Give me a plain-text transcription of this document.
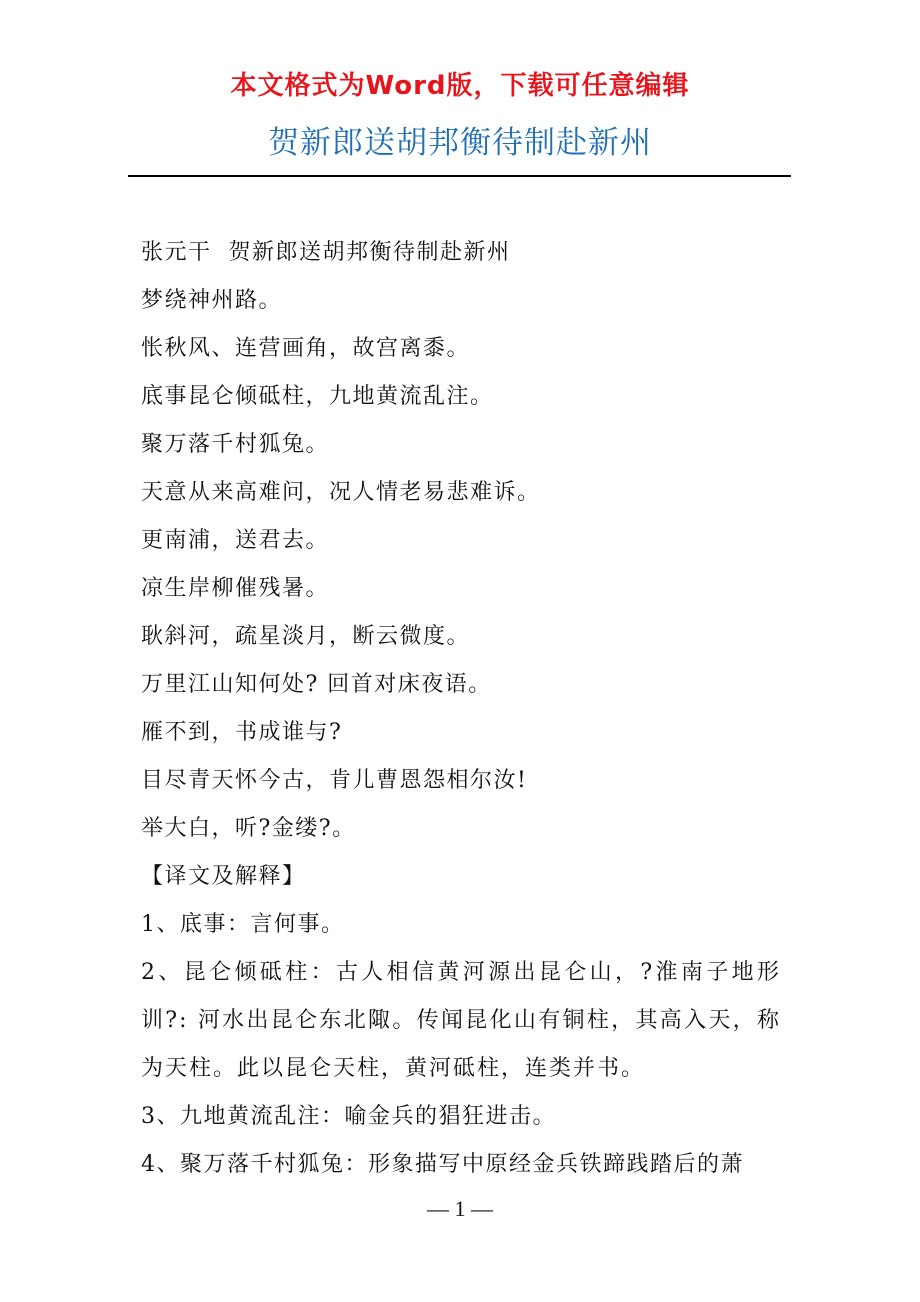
本文格式为Word版，下载可任意编辑
贺新郎送胡邦衡待制赴新州
张元干  贺新郎送胡邦衡待制赴新州
梦绕神州路。
怅秋风、连营画角，故宫离黍。
底事昆仑倾砥柱，九地黄流乱注。
聚万落千村狐兔。
天意从来高难问，况人情老易悲难诉。
更南浦，送君去。
凉生岸柳催残暑。
耿斜河，疏星淡月，断云微度。
万里江山知何处? 回首对床夜语。
雁不到，书成谁与?
目尽青天怀今古，肯儿曹恩怨相尔汝!
举大白，听?金缕?。
【译文及解释】
1、底事：言何事。
2、昆仑倾砥柱：古人相信黄河源出昆仑山，?淮南子地形训?: 河水出昆仑东北陬。传闻昆化山有铜柱，其高入天，称为天柱。此以昆仑天柱，黄河砥柱，连类并书。
3、九地黄流乱注：喻金兵的猖狂进击。
4、聚万落千村狐兔：形象描写中原经金兵铁蹄践踏后的萧
— 1 —
